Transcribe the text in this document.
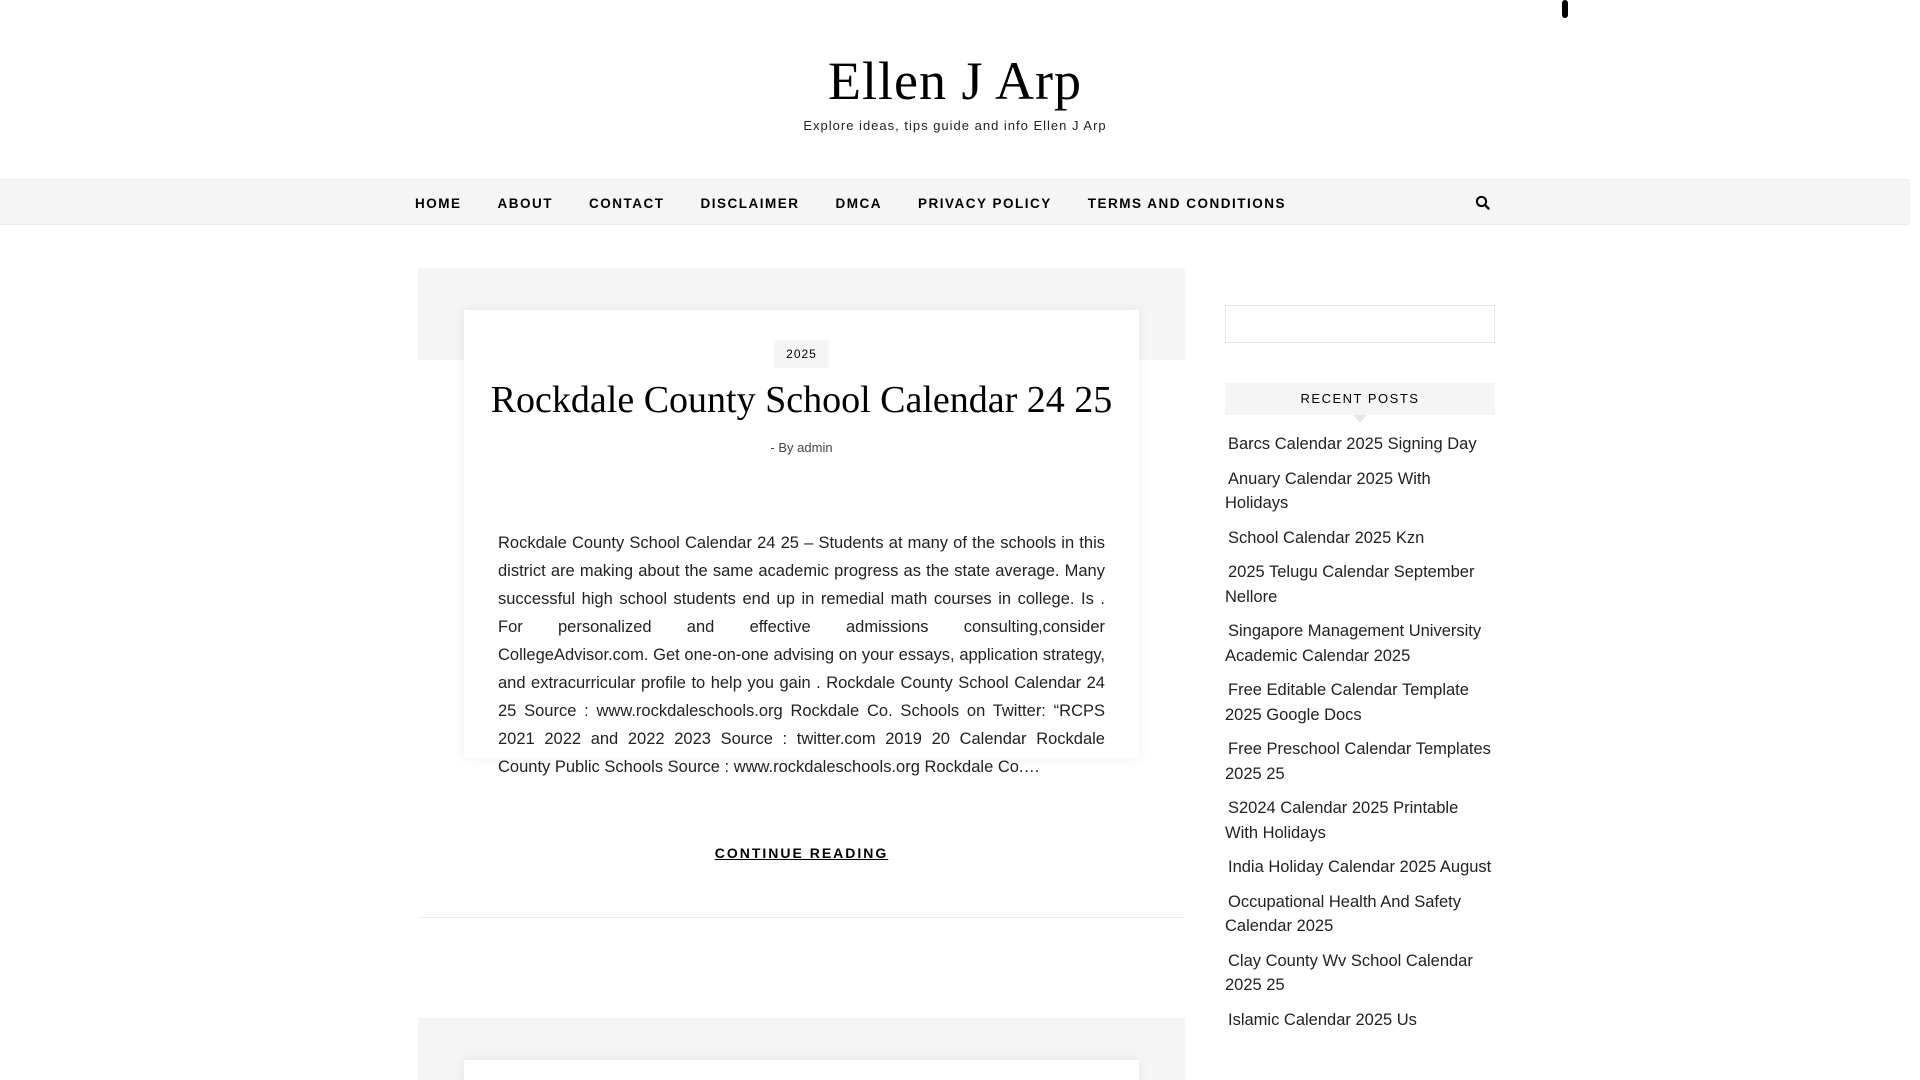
Ellen J Arp
Explore ideas, tips guide and info Ellen J Arp
HOME	ABOUT	CONTACT	DISCLAIMER	DMCA	PRIVACY POLICY	TERMS AND CONDITIONS
2025
Rockdale County School Calendar 24 25
- By admin

Rockdale County School Calendar 24 25 – Students at many of the schools in this district are making about the same academic progress as the state average. Many successful high school students end up in remedial math courses in college. Is . For personalized and effective admissions consulting,consider CollegeAdvisor.com. Get one-on-one advising on your essays, application strategy, and extracurricular profile to help you gain . Rockdale County School Calendar 24 25 Source : www.rockdaleschools.org Rockdale Co. Schools on Twitter: “RCPS 2021 2022 and 2022 2023 Source : twitter.com 2019 20 Calendar Rockdale County Public Schools Source : www.rockdaleschools.org Rockdale Co.…

CONTINUE READING
RECENT POSTS
Barcs Calendar 2025 Signing Day
Anuary Calendar 2025 With Holidays
School Calendar 2025 Kzn
2025 Telugu Calendar September Nellore
Singapore Management University Academic Calendar 2025
Free Editable Calendar Template 2025 Google Docs
Free Preschool Calendar Templates 2025 25
S2024 Calendar 2025 Printable With Holidays
India Holiday Calendar 2025 August
Occupational Health And Safety Calendar 2025
Clay County Wv School Calendar 2025 25
Islamic Calendar 2025 Us
